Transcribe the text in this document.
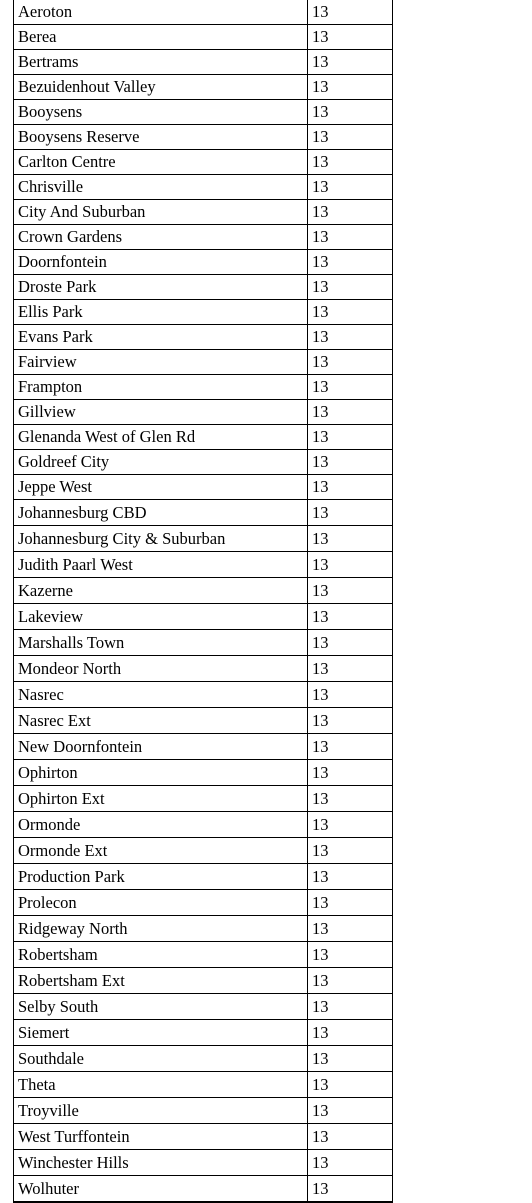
Aeroton	13
Berea	13
Bertrams	13
Bezuidenhout Valley	13
Booysens	13
Booysens Reserve	13
Carlton Centre	13
Chrisville	13
City And Suburban	13
Crown Gardens	13
Doornfontein	13
Droste Park	13
Ellis Park	13
Evans Park	13
Fairview	13
Frampton	13
Gillview	13
Glenanda West of Glen Rd	13
Goldreef City	13
Jeppe West	13
Johannesburg CBD	13
Johannesburg City & Suburban	13
Judith Paarl West	13
Kazerne	13
Lakeview	13
Marshalls Town	13
Mondeor North	13
Nasrec	13
Nasrec Ext	13
New Doornfontein	13
Ophirton	13
Ophirton Ext	13
Ormonde	13
Ormonde Ext	13
Production Park	13
Prolecon	13
Ridgeway North	13
Robertsham	13
Robertsham Ext	13
Selby South	13
Siemert	13
Southdale	13
Theta	13
Troyville	13
West Turffontein	13
Winchester Hills	13
Wolhuter	13
